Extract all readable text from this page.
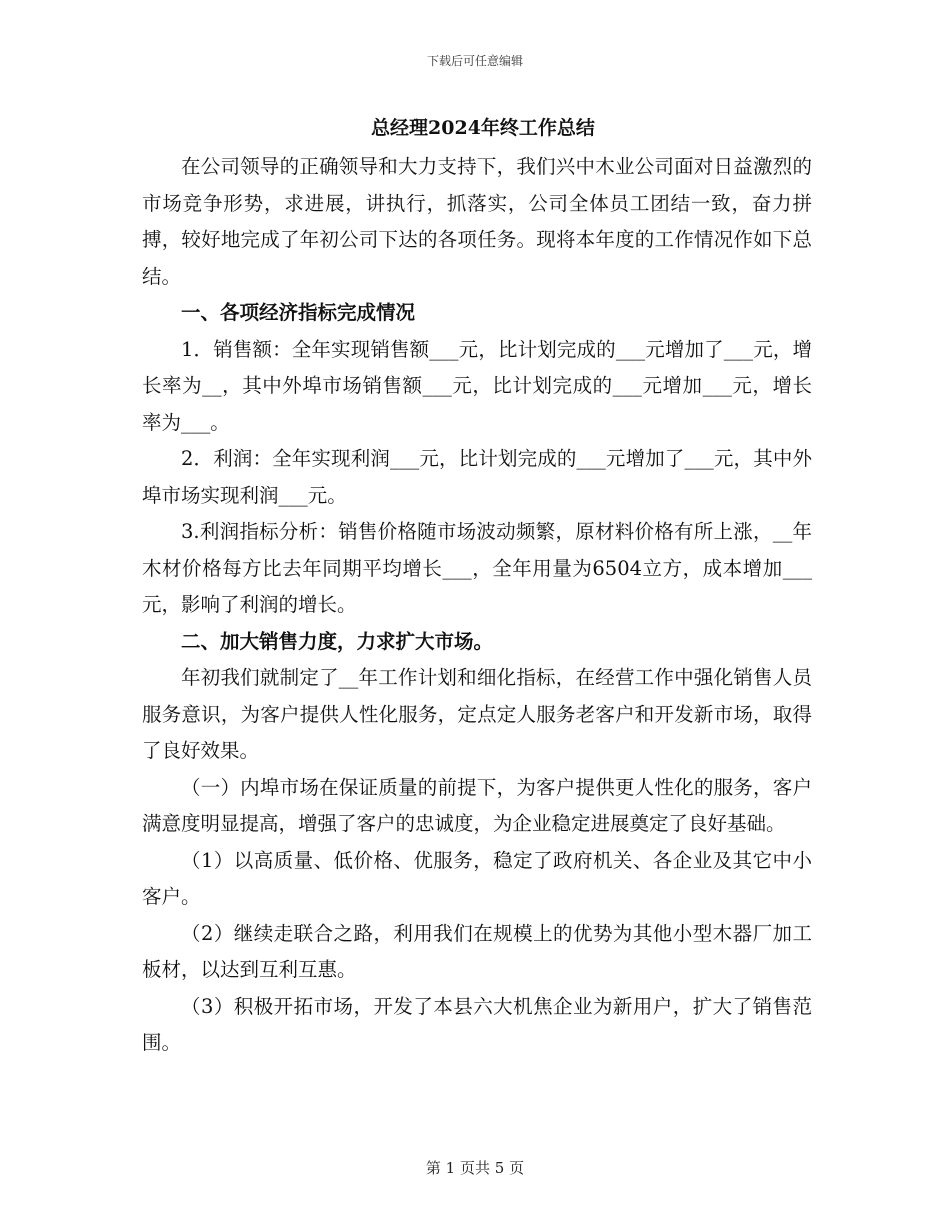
下载后可任意编辑
总经理2024年终工作总结

在公司领导的正确领导和大力支持下，我们兴中木业公司面对日益激烈的市场竞争形势，求进展，讲执行，抓落实，公司全体员工团结一致，奋力拼搏，较好地完成了年初公司下达的各项任务。现将本年度的工作情况作如下总结。

一、各项经济指标完成情况

1．销售额：全年实现销售额___元，比计划完成的___元增加了___元，增长率为__，其中外埠市场销售额___元，比计划完成的___元增加___元，增长率为___。

2．利润：全年实现利润___元，比计划完成的___元增加了___元，其中外埠市场实现利润___元。

3.利润指标分析：销售价格随市场波动频繁，原材料价格有所上涨，__年木材价格每方比去年同期平均增长___，全年用量为6504立方，成本增加___元，影响了利润的增长。

二、加大销售力度，力求扩大市场。

年初我们就制定了__年工作计划和细化指标，在经营工作中强化销售人员服务意识，为客户提供人性化服务，定点定人服务老客户和开发新市场，取得了良好效果。

（一）内埠市场在保证质量的前提下，为客户提供更人性化的服务，客户满意度明显提高，增强了客户的忠诚度，为企业稳定进展奠定了良好基础。

（1）以高质量、低价格、优服务，稳定了政府机关、各企业及其它中小客户。

（2）继续走联合之路，利用我们在规模上的优势为其他小型木器厂加工板材，以达到互利互惠。

（3）积极开拓市场，开发了本县六大机焦企业为新用户，扩大了销售范围。

第 1 页共 5 页
